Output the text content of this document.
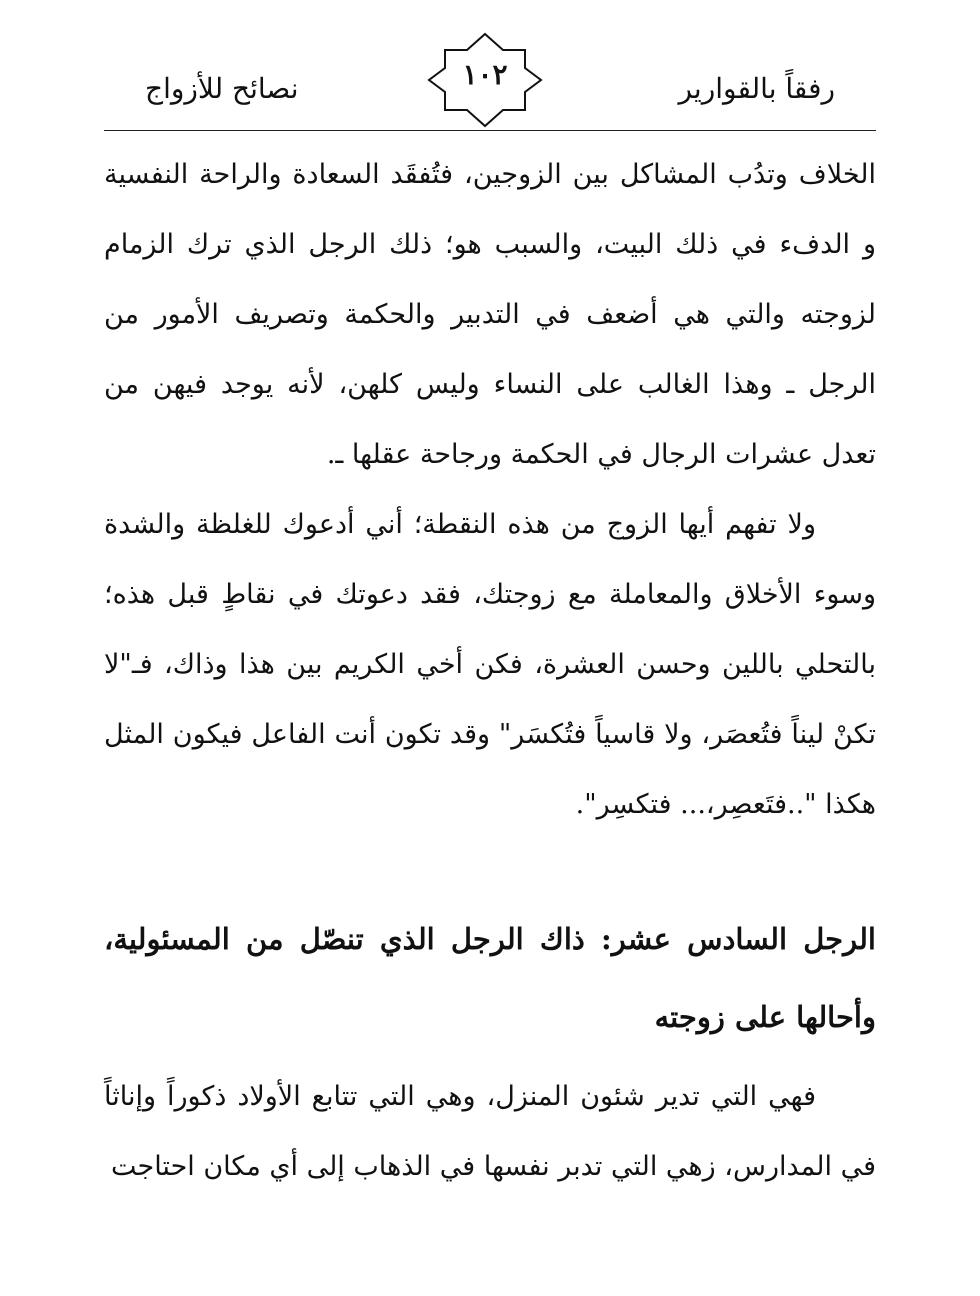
رفقاً بالقوارير
١٠٢
نصائح للأزواج

الخلاف وتدُب المشاكل بين الزوجين، فتُفقَد السعادة والراحة النفسية و الدفء في ذلك البيت، والسبب هو؛ ذلك الرجل الذي ترك الزمام لزوجته والتي هي أضعف في التدبير والحكمة وتصريف الأمور من الرجل ـ وهذا الغالب على النساء وليس كلهن، لأنه يوجد فيهن من تعدل عشرات الرجال في الحكمة ورجاحة عقلها ـ.

ولا تفهم أيها الزوج من هذه النقطة؛ أني أدعوك للغلظة والشدة وسوء الأخلاق والمعاملة مع زوجتك، فقد دعوتك في نقاطٍ قبل هذه؛ بالتحلي باللين وحسن العشرة، فكن أخي الكريم بين هذا وذاك، فـ"لا تكنْ ليناً فتُعصَر، ولا قاسياً فتُكسَر" وقد تكون أنت الفاعل فيكون المثل هكذا "..فتَعصِر،... فتكسِر".

الرجل السادس عشر: ذاك الرجل الذي تنصّل من المسئولية، وأحالها على زوجته

فهي التي تدير شئون المنزل، وهي التي تتابع الأولاد ذكوراً وإناثاً في المدارس، زهي التي تدبر نفسها في الذهاب إلى أي مكان احتاجت
